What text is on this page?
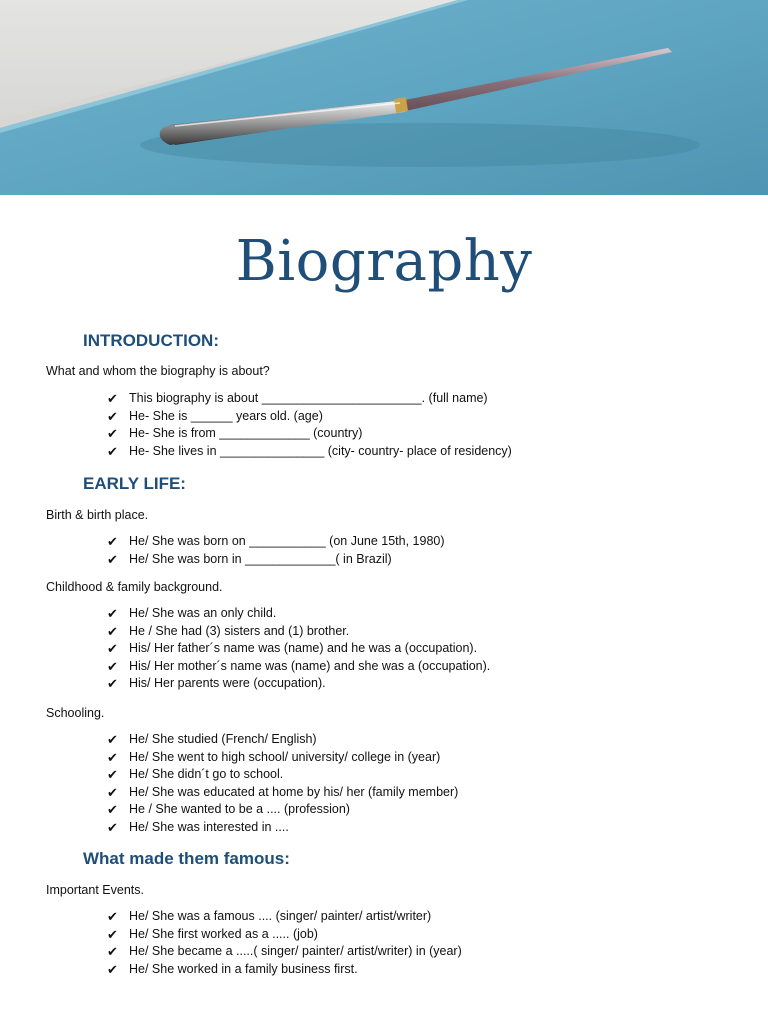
Biography
INTRODUCTION:
What and whom the biography is about?
✔ This biography is about _______________________. (full name)
✔ He- She is ______ years old. (age)
✔ He- She is from _____________ (country)
✔ He- She lives in _______________ (city- country- place of residency)
EARLY LIFE:
Birth & birth place.
✔ He/ She was born on ___________ (on June 15th, 1980)
✔ He/ She was born in _____________( in Brazil)
Childhood & family background.
✔ He/ She was an only child.
✔ He / She had (3) sisters and (1) brother.
✔ His/ Her father´s name was (name) and he was a (occupation).
✔ His/ Her mother´s name was (name) and she was a (occupation).
✔ His/ Her parents were (occupation).
Schooling.
✔ He/ She studied (French/ English)
✔ He/ She went to high school/ university/ college in (year)
✔ He/ She didn´t go to school.
✔ He/ She was educated at home by his/ her (family member)
✔ He / She wanted to be a .... (profession)
✔ He/ She was interested in ....
What made them famous:
Important Events.
✔ He/ She was a famous .... (singer/ painter/ artist/writer)
✔ He/ She first worked as a ..... (job)
✔ He/ She became a .....( singer/ painter/ artist/writer) in (year)
✔ He/ She worked in a family business first.
